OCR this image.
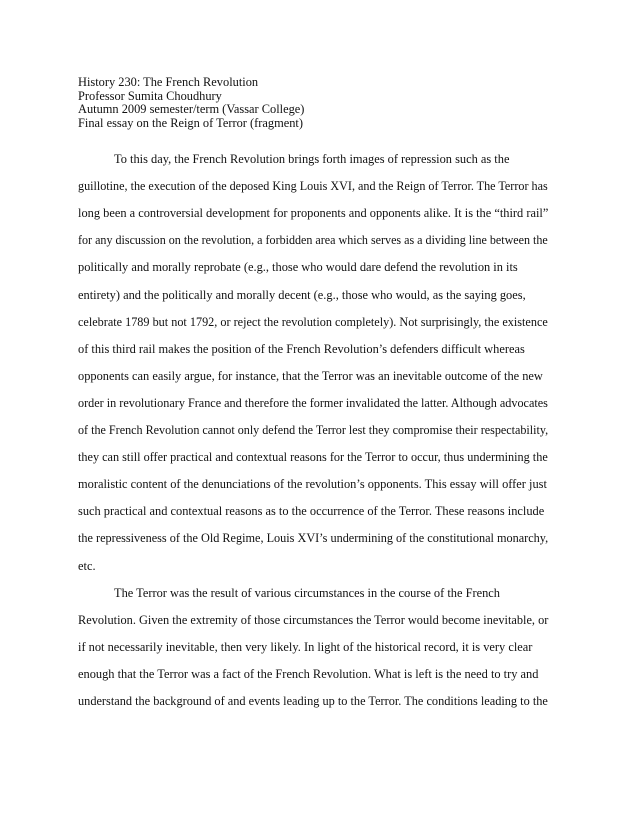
History 230: The French Revolution
Professor Sumita Choudhury
Autumn 2009 semester/term (Vassar College)
Final essay on the Reign of Terror (fragment)
To this day, the French Revolution brings forth images of repression such as the
guillotine, the execution of the deposed King Louis XVI, and the Reign of Terror. The Terror has
long been a controversial development for proponents and opponents alike. It is the “third rail”
for any discussion on the revolution, a forbidden area which serves as a dividing line between the
politically and morally reprobate (e.g., those who would dare defend the revolution in its
entirety) and the politically and morally decent (e.g., those who would, as the saying goes,
celebrate 1789 but not 1792, or reject the revolution completely). Not surprisingly, the existence
of this third rail makes the position of the French Revolution’s defenders difficult whereas
opponents can easily argue, for instance, that the Terror was an inevitable outcome of the new
order in revolutionary France and therefore the former invalidated the latter. Although advocates
of the French Revolution cannot only defend the Terror lest they compromise their respectability,
they can still offer practical and contextual reasons for the Terror to occur, thus undermining the
moralistic content of the denunciations of the revolution’s opponents. This essay will offer just
such practical and contextual reasons as to the occurrence of the Terror. These reasons include
the repressiveness of the Old Regime, Louis XVI’s undermining of the constitutional monarchy,
etc.
The Terror was the result of various circumstances in the course of the French
Revolution. Given the extremity of those circumstances the Terror would become inevitable, or
if not necessarily inevitable, then very likely. In light of the historical record, it is very clear
enough that the Terror was a fact of the French Revolution. What is left is the need to try and
understand the background of and events leading up to the Terror. The conditions leading to the
